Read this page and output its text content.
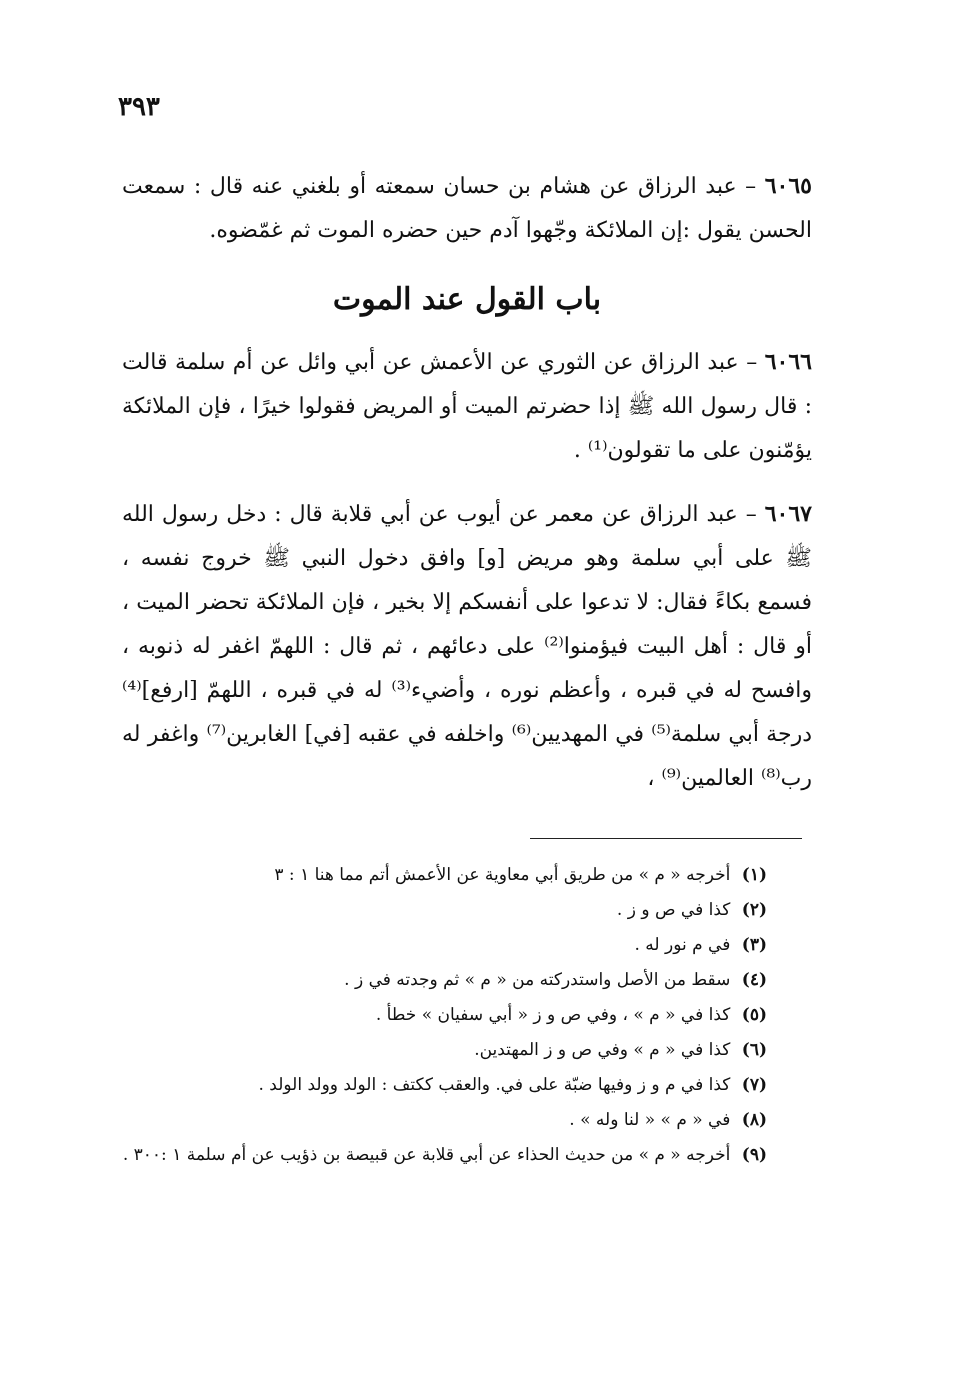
٣٩٣
٦٠٦٥ – عبد الرزاق عن هشام بن حسان سمعته أو بلغني عنه قال : سمعت الحسن يقول :إن الملائكة وجّهوا آدم حين حضره الموت ثم غمّضوه.
باب القول عند الموت
٦٠٦٦ – عبد الرزاق عن الثوري عن الأعمش عن أبي وائل عن أم سلمة قالت : قال رسول الله ﷺ إذا حضرتم الميت أو المريض فقولوا خيرًا ، فإن الملائكة يؤمّنون على ما تقولون⁽¹⁾ .
٦٠٦٧ – عبد الرزاق عن معمر عن أيوب عن أبي قلابة قال : دخل رسول الله ﷺ على أبي سلمة وهو مريض [و] وافق دخول النبي ﷺ خروج نفسه ، فسمع بكاءً فقال: لا تدعوا على أنفسكم إلا بخير ، فإن الملائكة تحضر الميت ، أو قال : أهل البيت فيؤمنوا⁽²⁾ على دعائهم ، ثم قال : اللهمّ اغفر له ذنوبه ، وافسح له في قبره ، وأعظم نوره ، وأضيء⁽³⁾ له في قبره ، اللهمّ [ارفع]⁽⁴⁾ درجة أبي سلمة⁽⁵⁾ في المهديين⁽⁶⁾ واخلفه في عقبه [في] الغابرين⁽⁷⁾ واغفر له رب⁽⁸⁾ العالمين⁽⁹⁾ ،

(١) أخرجه « م » من طريق أبي معاوية عن الأعمش أتم مما هنا ١ : ٣

(٢) كذا في ص و ز .

(٣) في م نور له .

(٤) سقط من الأصل واستدركته من « م » ثم وجدته في ز .

(٥) كذا في « م » ، وفي ص و ز « أبي سفيان » خطأ .

(٦) كذا في « م » وفي ص و ز المهتدين.

(٧) كذا في م و ز وفيها ضبّة على في. والعقب ككتف : الولد وولد الولد .

(٨) في « م » « لنا وله » .

(٩) أخرجه « م » من حديث الحذاء عن أبي قلابة عن قبيصة بن ذؤيب عن أم سلمة ١ :٣٠٠ .
